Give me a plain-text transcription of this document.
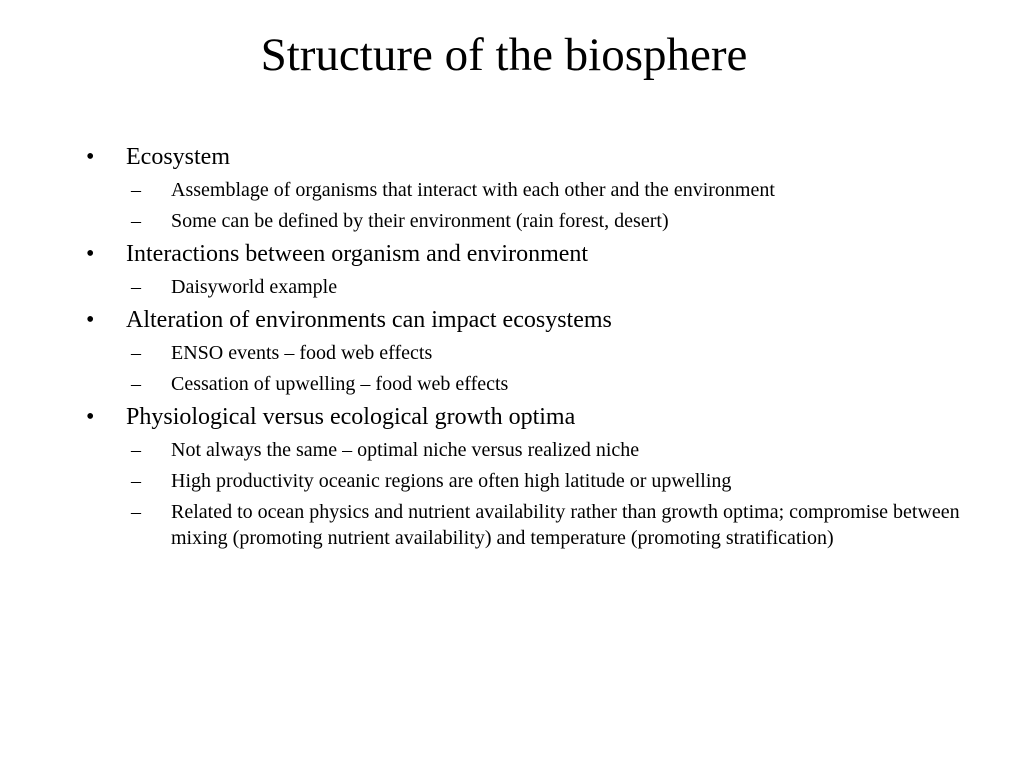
Structure of the biosphere
• Ecosystem
– Assemblage of organisms that interact with each other and the environment
– Some can be defined by their environment (rain forest, desert)
• Interactions between organism and environment
– Daisyworld example
• Alteration of environments can impact ecosystems
– ENSO events – food web effects
– Cessation of upwelling – food web effects
• Physiological versus ecological growth optima
– Not always the same – optimal niche versus realized niche
– High productivity oceanic regions are often high latitude or upwelling
– Related to ocean physics and nutrient availability rather than growth optima; compromise between mixing (promoting nutrient availability) and temperature (promoting stratification)
